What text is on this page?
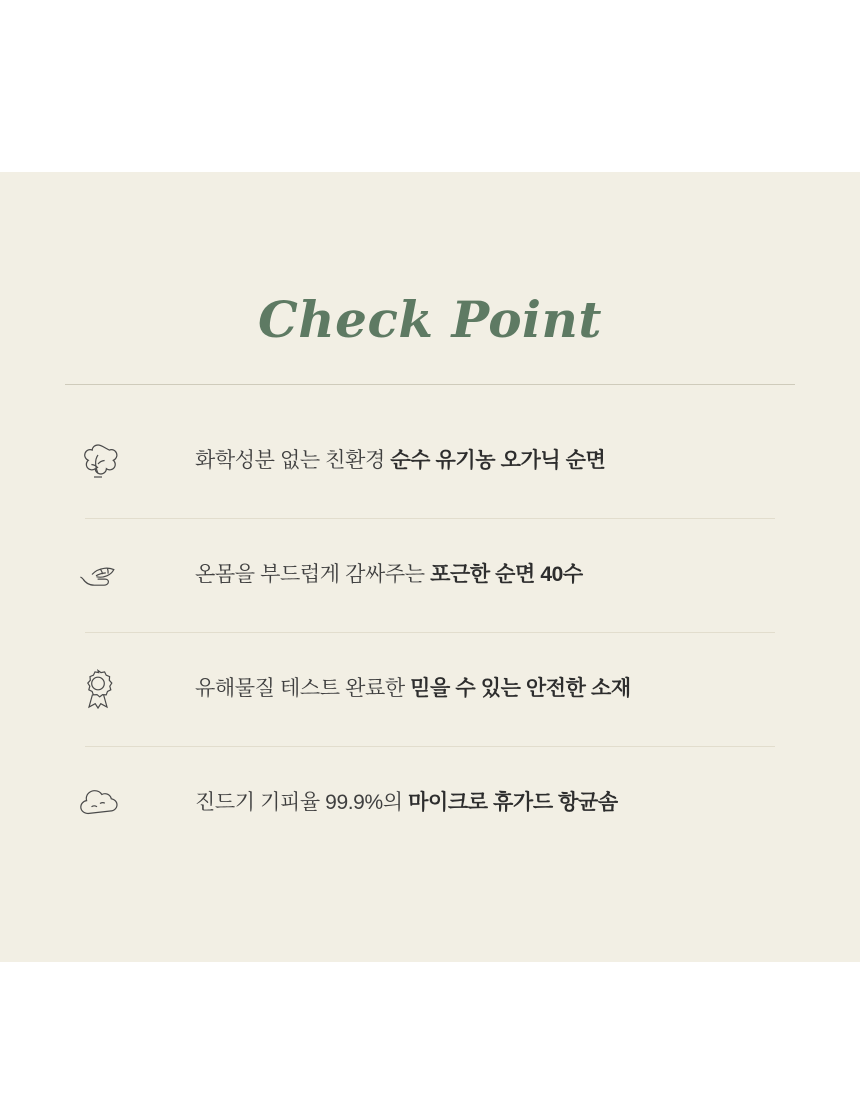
Check Point
화학성분 없는 친환경 순수 유기농 오가닉 순면
온몸을 부드럽게 감싸주는 포근한 순면 40수
유해물질 테스트 완료한 믿을 수 있는 안전한 소재
진드기 기피율 99.9%의 마이크로 휴가드 항균솜
